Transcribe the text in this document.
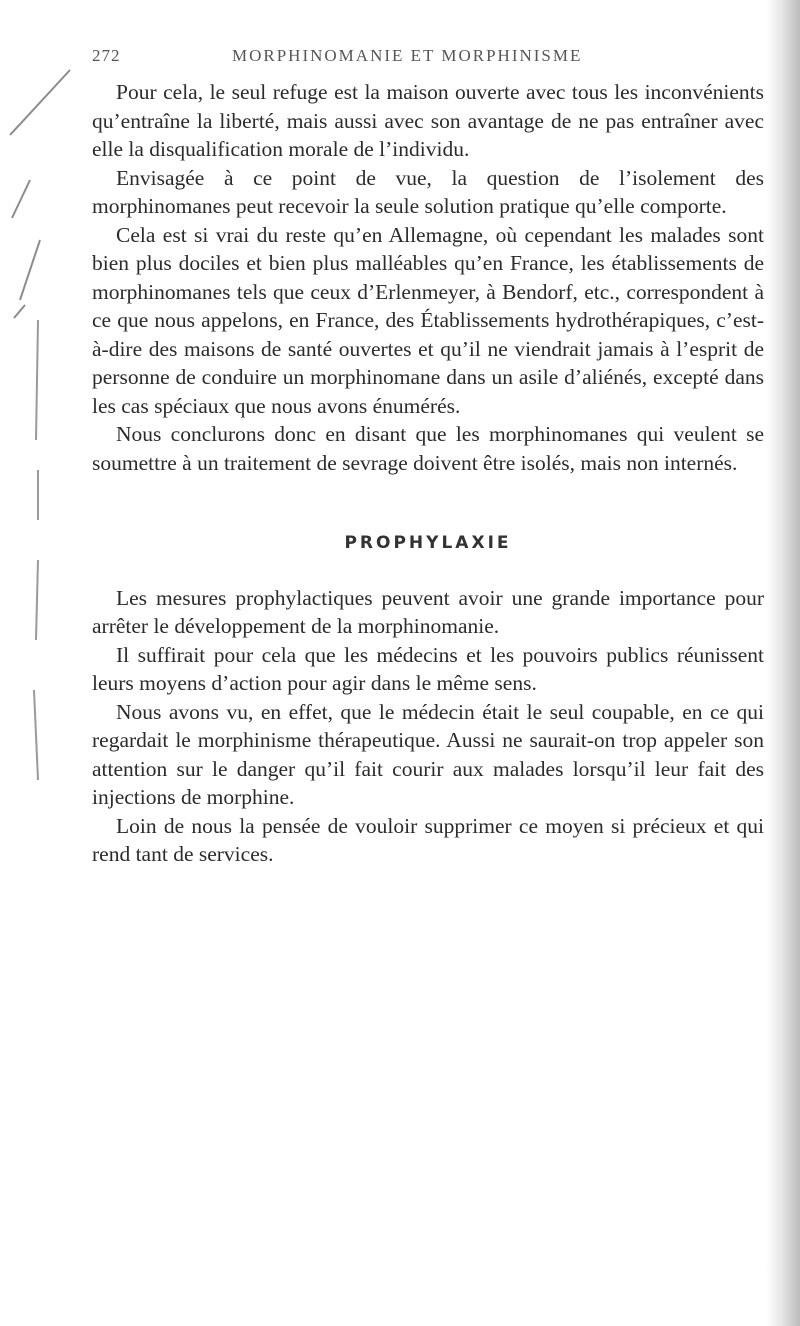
272	MORPHINOMANIE ET MORPHINISME

Pour cela, le seul refuge est la maison ouverte avec tous les inconvénients qu’entraîne la liberté, mais aussi avec son avantage de ne pas entraîner avec elle la disqualification morale de l’individu.

Envisagée à ce point de vue, la question de l’isolement des morphinomanes peut recevoir la seule solution pratique qu’elle comporte.

Cela est si vrai du reste qu’en Allemagne, où cependant les malades sont bien plus dociles et bien plus malléables qu’en France, les établissements de morphinomanes tels que ceux d’Erlenmeyer, à Bendorf, etc., correspondent à ce que nous appelons, en France, des Établissements hydrothérapiques, c’est-à-dire des maisons de santé ouvertes et qu’il ne viendrait jamais à l’esprit de personne de conduire un morphinomane dans un asile d’aliénés, excepté dans les cas spéciaux que nous avons énumérés.

Nous conclurons donc en disant que les morphinomanes qui veulent se soumettre à un traitement de sevrage doivent être isolés, mais non internés.

PROPHYLAXIE

Les mesures prophylactiques peuvent avoir une grande importance pour arrêter le développement de la morphinomanie.

Il suffirait pour cela que les médecins et les pouvoirs publics réunissent leurs moyens d’action pour agir dans le même sens.

Nous avons vu, en effet, que le médecin était le seul coupable, en ce qui regardait le morphinisme thérapeutique. Aussi ne saurait-on trop appeler son attention sur le danger qu’il fait courir aux malades lorsqu’il leur fait des injections de morphine.

Loin de nous la pensée de vouloir supprimer ce moyen si précieux et qui rend tant de services.
